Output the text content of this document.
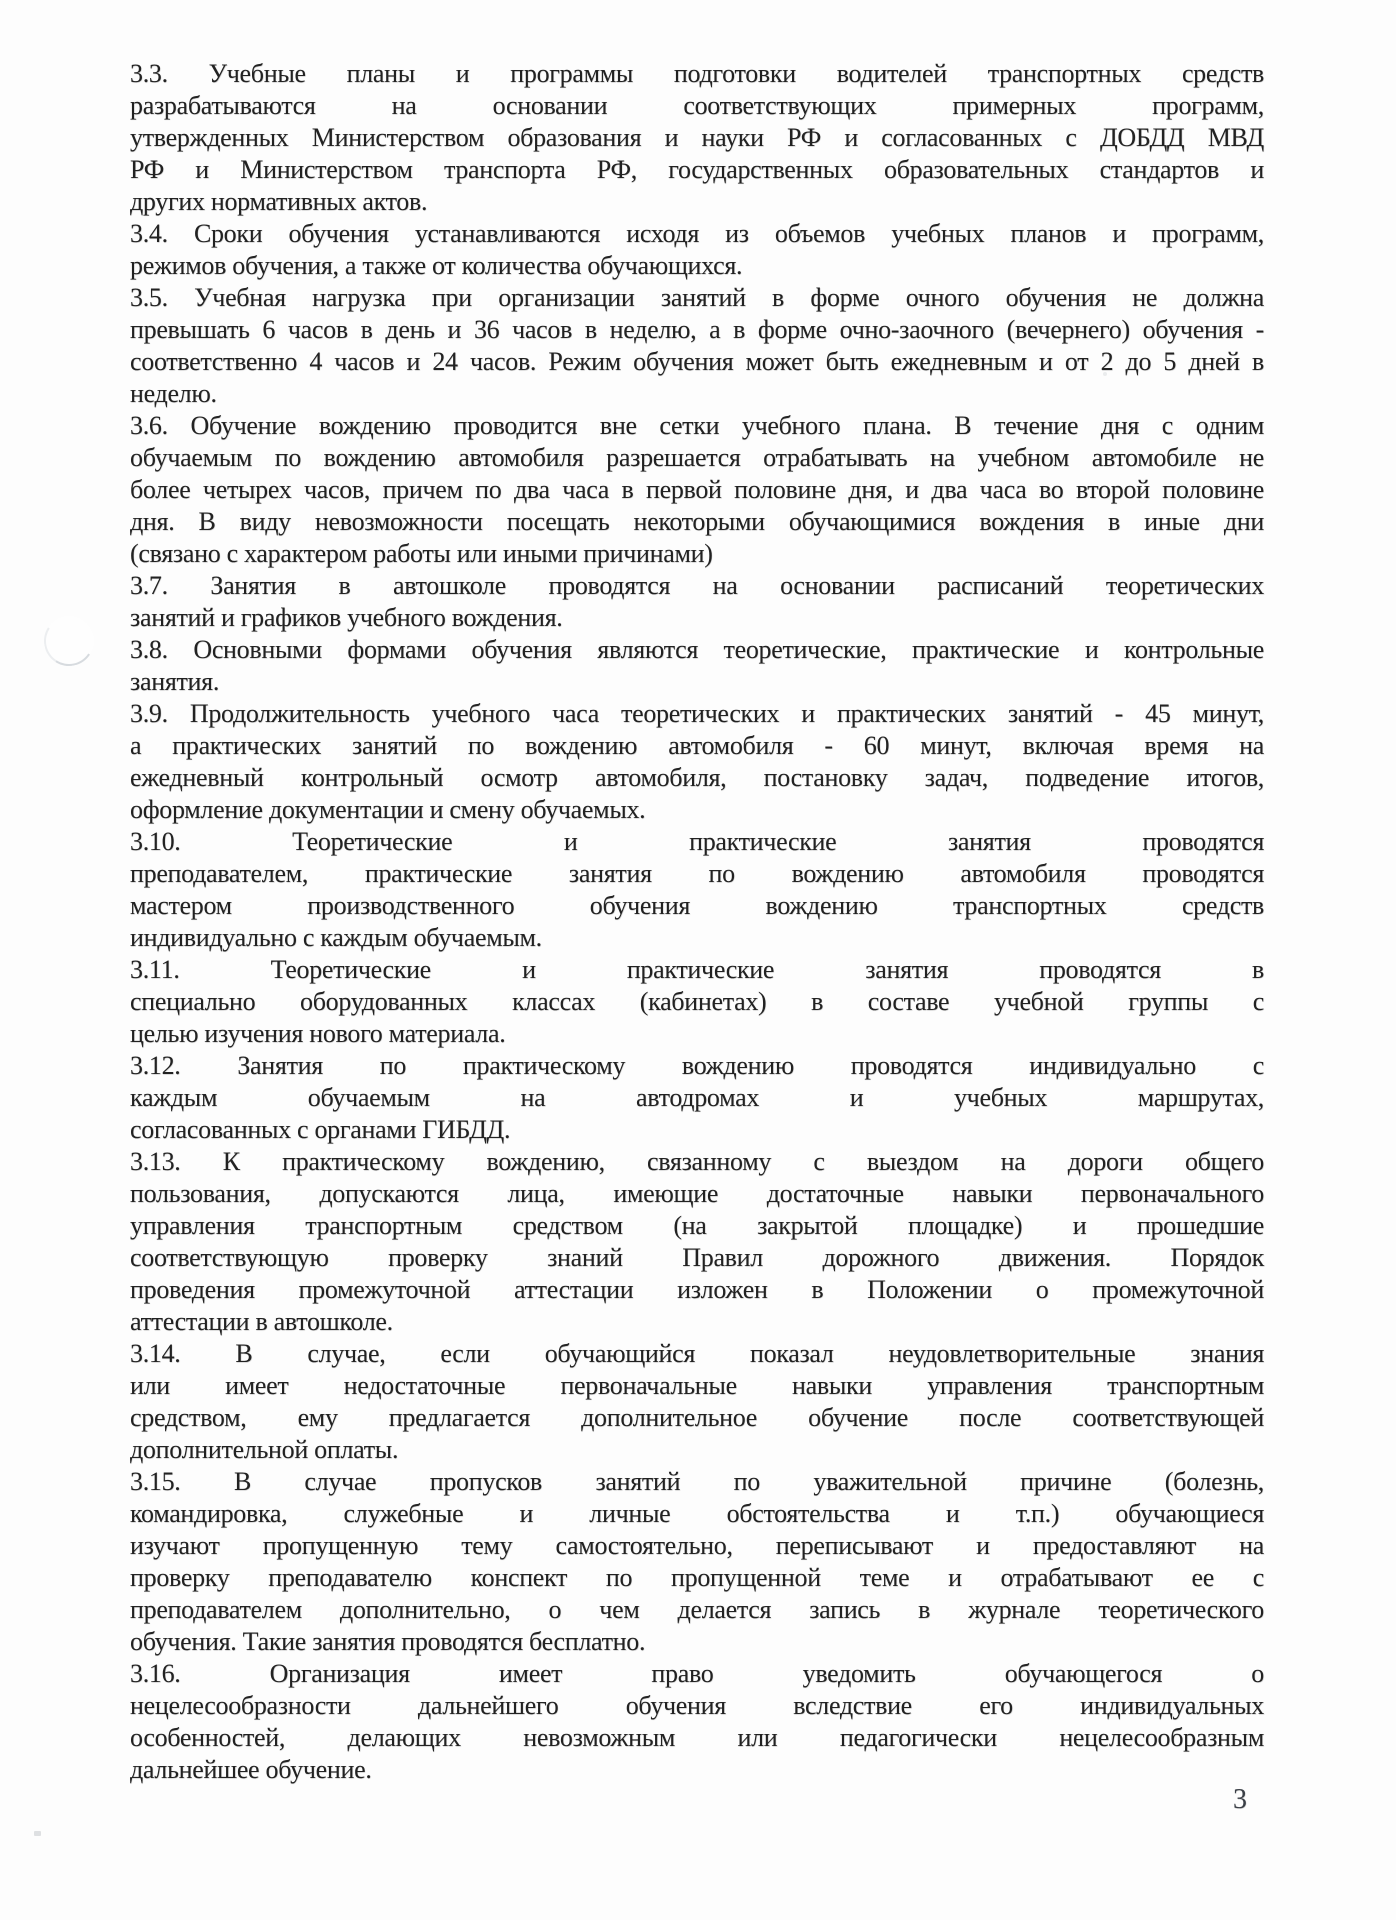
3.3. Учебные планы и программы подготовки водителей транспортных средств
разрабатываются на основании соответствующих примерных программ,
утвержденных Министерством образования и науки РФ и согласованных с ДОБДД МВД
РФ и Министерством транспорта РФ, государственных образовательных стандартов и
других нормативных актов.
3.4. Сроки обучения устанавливаются исходя из объемов учебных планов и программ,
режимов обучения, а также от количества обучающихся.
3.5. Учебная нагрузка при организации занятий в форме очного обучения не должна
превышать 6 часов в день и 36 часов в неделю, а в форме очно-заочного (вечернего) обучения -
соответственно 4 часов и 24 часов. Режим обучения может быть ежедневным и от 2 до 5 дней в
неделю.
3.6. Обучение вождению проводится вне сетки учебного плана. В течение дня с одним
обучаемым по вождению автомобиля разрешается отрабатывать на учебном автомобиле не
более четырех часов, причем по два часа в первой половине дня, и два часа во второй половине
дня. В виду невозможности посещать некоторыми обучающимися вождения в иные дни
(связано с характером работы или иными причинами)
3.7. Занятия в автошколе проводятся на основании расписаний теоретических
занятий и графиков учебного вождения.
3.8. Основными формами обучения являются теоретические, практические и контрольные
занятия.
3.9. Продолжительность учебного часа теоретических и практических занятий - 45 минут,
а практических занятий по вождению автомобиля - 60 минут, включая время на
ежедневный контрольный осмотр автомобиля, постановку задач, подведение итогов,
оформление документации и смену обучаемых.
3.10. Теоретические и практические занятия проводятся
преподавателем, практические занятия по вождению автомобиля проводятся
мастером производственного обучения вождению транспортных средств
индивидуально с каждым обучаемым.
3.11. Теоретические и практические занятия проводятся в
специально оборудованных классах (кабинетах) в составе учебной группы с
целью изучения нового материала.
3.12. Занятия по практическому вождению проводятся индивидуально с
каждым обучаемым на автодромах и учебных маршрутах,
согласованных с органами ГИБДД.
3.13. К практическому вождению, связанному с выездом на дороги общего
пользования, допускаются лица, имеющие достаточные навыки первоначального
управления транспортным средством (на закрытой площадке) и прошедшие
соответствующую проверку знаний Правил дорожного движения. Порядок
проведения промежуточной аттестации изложен в Положении о промежуточной
аттестации в автошколе.
3.14. В случае, если обучающийся показал неудовлетворительные знания
или имеет недостаточные первоначальные навыки управления транспортным
средством, ему предлагается дополнительное обучение после соответствующей
дополнительной оплаты.
3.15. В случае пропусков занятий по уважительной причине (болезнь,
командировка, служебные и личные обстоятельства и т.п.) обучающиеся
изучают пропущенную тему самостоятельно, переписывают и предоставляют на
проверку преподавателю конспект по пропущенной теме и отрабатывают ее с
преподавателем дополнительно, о чем делается запись в журнале теоретического
обучения. Такие занятия проводятся бесплатно.
3.16. Организация имеет право уведомить обучающегося о
нецелесообразности дальнейшего обучения вследствие его индивидуальных
особенностей, делающих невозможным или педагогически нецелесообразным
дальнейшее обучение.
3
